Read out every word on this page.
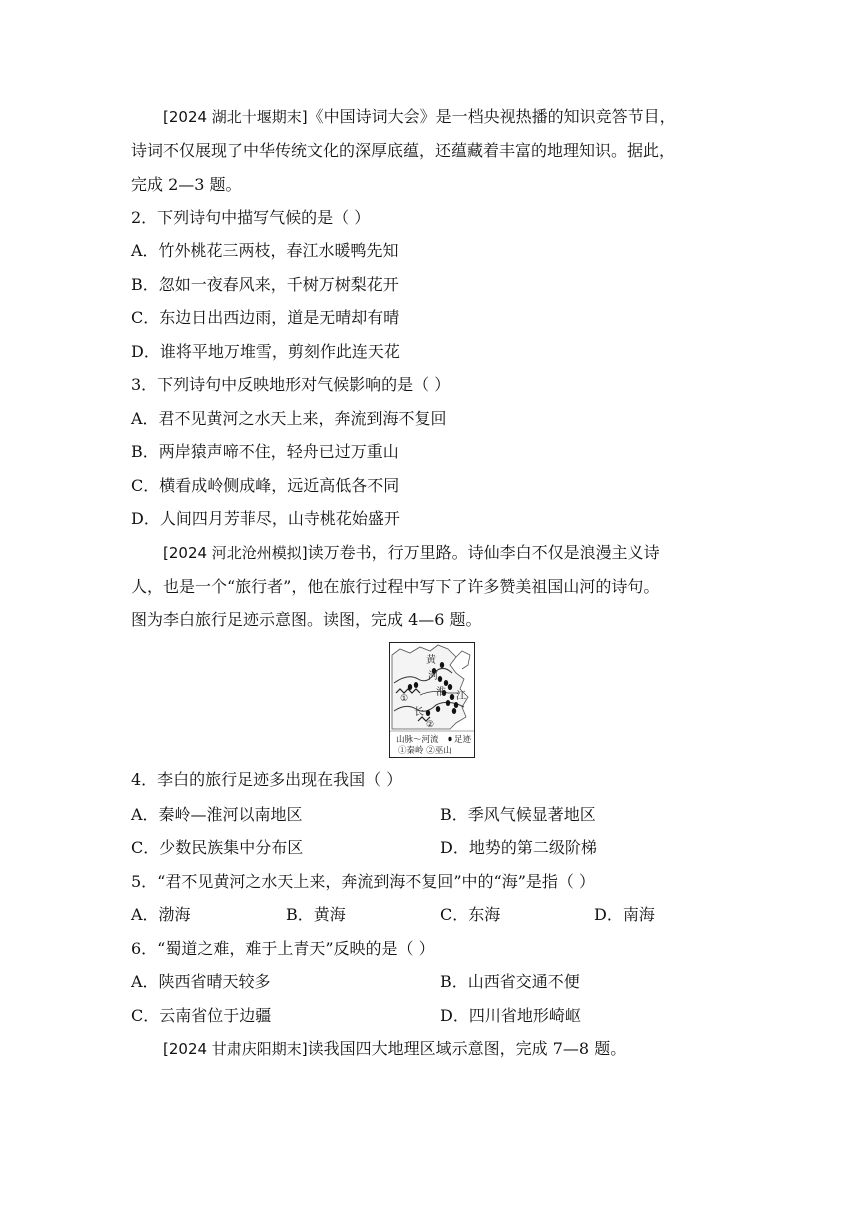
[2024 湖北十堰期末]《中国诗词大会》是一档央视热播的知识竞答节目，
诗词不仅展现了中华传统文化的深厚底蕴，还蕴藏着丰富的地理知识。据此，
完成 2—3 题。
2．下列诗句中描写气候的是（ ）
A．竹外桃花三两枝，春江水暖鸭先知
B．忽如一夜春风来，千树万树梨花开
C．东边日出西边雨，道是无晴却有晴
D．谁将平地万堆雪，剪刻作此连天花
3．下列诗句中反映地形对气候影响的是（ ）
A．君不见黄河之水天上来，奔流到海不复回
B．两岸猿声啼不住，轻舟已过万重山
C．横看成岭侧成峰，远近高低各不同
D．人间四月芳菲尽，山寺桃花始盛开
[2024 河北沧州模拟]读万卷书，行万里路。诗仙李白不仅是浪漫主义诗
人，也是一个“旅行者”，他在旅行过程中写下了许多赞美祖国山河的诗句。
图为李白旅行足迹示意图。读图，完成 4—6 题。
黄
河
淮
长
江
①
②
山脉～河流 足迹
①秦岭 ②巫山
4．李白的旅行足迹多出现在我国（ ）
A．秦岭—淮河以南地区	B．季风气候显著地区
C．少数民族集中分布区	D．地势的第二级阶梯
5．“君不见黄河之水天上来，奔流到海不复回”中的“海”是指（ ）
A．渤海	B．黄海	C．东海	D．南海
6．“蜀道之难，难于上青天”反映的是（ ）
A．陕西省晴天较多	B．山西省交通不便
C．云南省位于边疆	D．四川省地形崎岖
[2024 甘肃庆阳期末]读我国四大地理区域示意图，完成 7—8 题。
